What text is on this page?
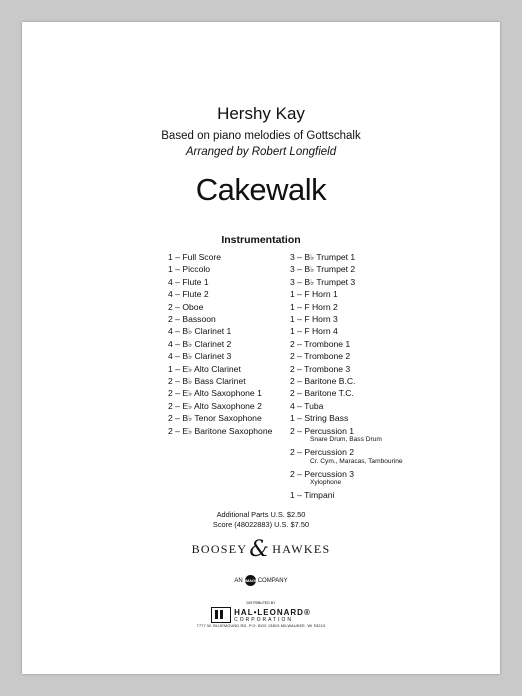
Hershy Kay
Based on piano melodies of Gottschalk
Arranged by Robert Longfield
Cakewalk
Instrumentation
1 – Full Score
1 – Piccolo
4 – Flute 1
4 – Flute 2
2 – Oboe
2 – Bassoon
4 – B♭ Clarinet 1
4 – B♭ Clarinet 2
4 – B♭ Clarinet 3
1 – E♭ Alto Clarinet
2 – B♭ Bass Clarinet
2 – E♭ Alto Saxophone 1
2 – E♭ Alto Saxophone 2
2 – B♭ Tenor Saxophone
2 – E♭ Baritone Saxophone
3 – B♭ Trumpet 1
3 – B♭ Trumpet 2
3 – B♭ Trumpet 3
1 – F Horn 1
1 – F Horn 2
1 – F Horn 3
1 – F Horn 4
2 – Trombone 1
2 – Trombone 2
2 – Trombone 3
2 – Baritone B.C.
2 – Baritone T.C.
4 – Tuba
1 – String Bass
2 – Percussion 1
Snare Drum, Bass Drum
2 – Percussion 2
Cr. Cym., Maracas, Tambourine
2 – Percussion 3
Xylophone
1 – Timpani
Additional Parts U.S. $2.50
Score (48022883) U.S. $7.50
BOOSEY & HAWKES
AN IMAGEM
COMPANY
DISTRIBUTED BY
HAL•LEONARD®
CORPORATION
7777 W. BLUEMOUND RD. P.O. BOX 13819 MILWAUKEE, WI 53213
